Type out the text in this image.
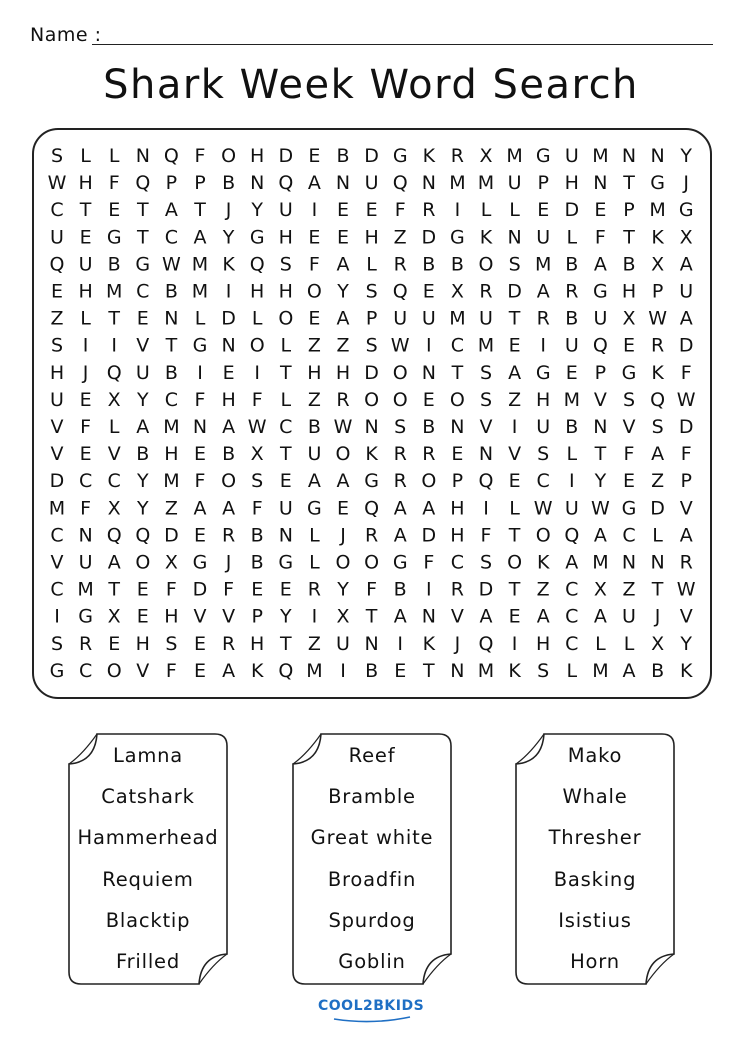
Name :
Shark Week Word Search
S L L N Q F O H D E B D G K R X M G U M N N Y
W H F Q P P B N Q A N U Q N M M U P H N T G J
C T E T A T J Y U I E E F R I L L E D E P M G
U E G T C A Y G H E E H Z D G K N U L F T K X
Q U B G W M K Q S F A L R B B O S M B A B X A
E H M C B M I H H O Y S Q E X R D A R G H P U
Z L T E N L D L O E A P U U M U T R B U X W A
S I I V T G N O L Z Z S W I C M E I U Q E R D
H J Q U B I E I T H H D O N T S A G E P G K F
U E X Y C F H F L Z R O O E O S Z H M V S Q W
V F L A M N A W C B W N S B N V I U B N V S D
V E V B H E B X T U O K R R E N V S L T F A F
D C C Y M F O S E A A G R O P Q E C I Y E Z P
M F X Y Z A A F U G E Q A A H I L W U W G D V
C N Q Q D E R B N L J R A D H F T O Q A C L A
V U A O X G J B G L O O G F C S O K A M N N R
C M T E F D F E E R Y F B I R D T Z C X Z T W
I G X E H V V P Y I X T A N V A E A C A U J V
S R E H S E R H T Z U N I K J Q I H C L L X Y
G C O V F E A K Q M I B E T N M K S L M A B K
Lamna
Catshark
Hammerhead
Requiem
Blacktip
Frilled
Reef
Bramble
Great white
Broadfin
Spurdog
Goblin
Mako
Whale
Thresher
Basking
Isistius
Horn
COOL2BKIDS
